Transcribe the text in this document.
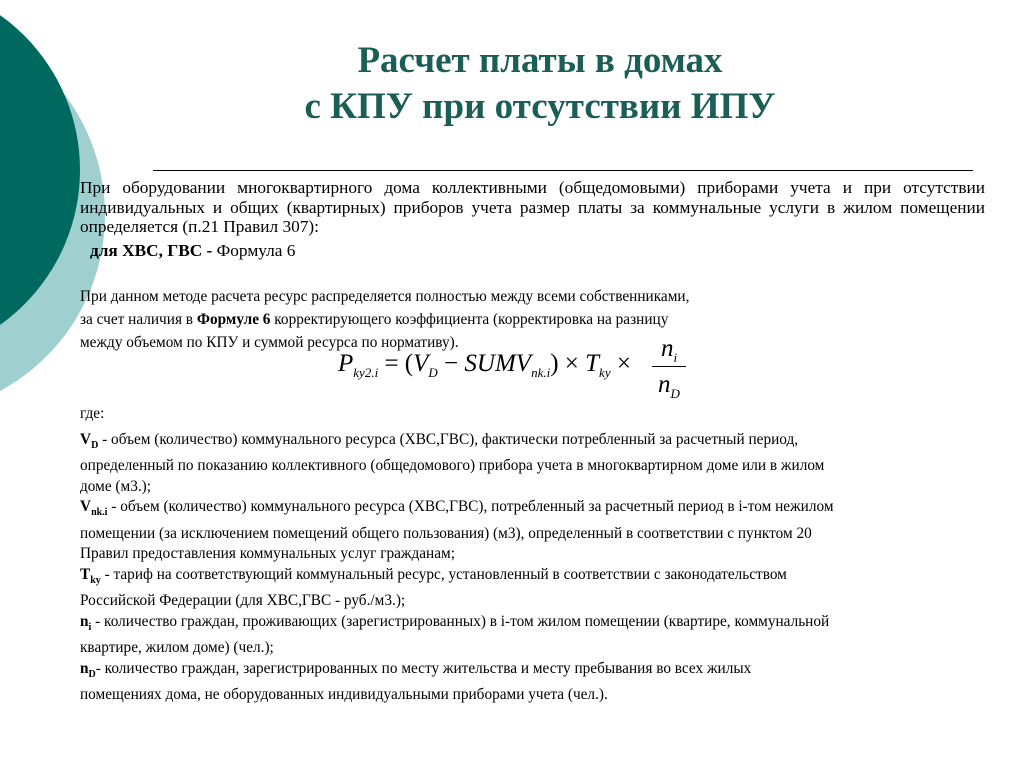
Расчет платы в домах
с КПУ при отсутствии ИПУ
При оборудовании многоквартирного дома коллективными (общедомовыми) приборами учета и при отсутствии индивидуальных и общих (квартирных) приборов учета размер платы за коммунальные услуги в жилом помещении определяется (п.21 Правил 307):
для ХВС, ГВС - Формула 6
При данном методе расчета ресурс распределяется полностью между всеми собственниками,
за счет наличия в Формуле 6 корректирующего коэффициента (корректировка на разницу
между объемом по КПУ и суммой ресурса по нормативу).
$P_{ky2.i} = (V_D$ − $SUMV_{nk.i}) \times T_{ky}$ ×
$n_i$
$n_D$

где:

$V_D$ - объем (количество) коммунального ресурса (ХВС,ГВС), фактически потребленный за расчетный период,

определенный по показанию коллективного (общедомового) прибора учета в многоквартирном доме или в жилом

доме (м3.);

$V_{nk.i}$ - объем (количество) коммунального ресурса (ХВС,ГВС), потребленный за расчетный период в i-том нежилом

помещении (за исключением помещений общего пользования) (м3), определенный в соответствии с пунктом 20

Правил предоставления коммунальных услуг гражданам;

$T_{ky}$ - тариф на соответствующий коммунальный ресурс, установленный в соответствии с законодательством

Российской Федерации (для ХВС,ГВС - руб./м3.);

$n_i$ - количество граждан, проживающих (зарегистрированных) в i-том жилом помещении (квартире, коммунальной

квартире, жилом доме) (чел.);

$n_D-$ количество граждан, зарегистрированных по месту жительства и месту пребывания во всех жилых

помещениях дома, не оборудованных индивидуальными приборами учета (чел.).
